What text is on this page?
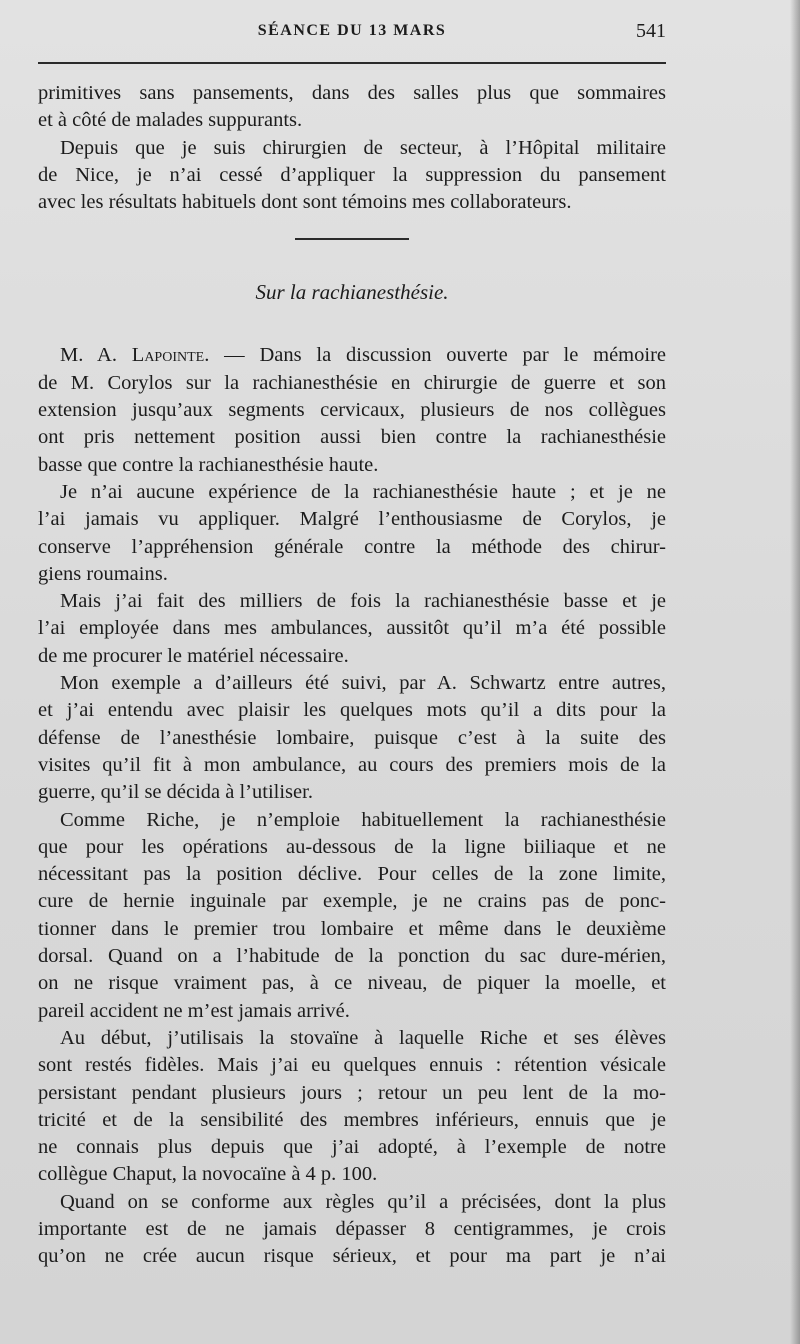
SÉANCE DU 13 MARS	541
primitives sans pansements, dans des salles plus que sommaires
et à côté de malades suppurants.
Depuis que je suis chirurgien de secteur, à l’Hôpital militaire
de Nice, je n’ai cessé d’appliquer la suppression du pansement
avec les résultats habituels dont sont témoins mes collaborateurs.
Sur la rachianesthésie.
M. A. Lapointe. — Dans la discussion ouverte par le mémoire
de M. Corylos sur la rachianesthésie en chirurgie de guerre et son
extension jusqu’aux segments cervicaux, plusieurs de nos collègues
ont pris nettement position aussi bien contre la rachianesthésie
basse que contre la rachianesthésie haute.
Je n’ai aucune expérience de la rachianesthésie haute ; et je ne
l’ai jamais vu appliquer. Malgré l’enthousiasme de Corylos, je
conserve l’appréhension générale contre la méthode des chirur-
giens roumains.
Mais j’ai fait des milliers de fois la rachianesthésie basse et je
l’ai employée dans mes ambulances, aussitôt qu’il m’a été possible
de me procurer le matériel nécessaire.
Mon exemple a d’ailleurs été suivi, par A. Schwartz entre autres,
et j’ai entendu avec plaisir les quelques mots qu’il a dits pour la
défense de l’anesthésie lombaire, puisque c’est à la suite des
visites qu’il fit à mon ambulance, au cours des premiers mois de la
guerre, qu’il se décida à l’utiliser.
Comme Riche, je n’emploie habituellement la rachianesthésie
que pour les opérations au-dessous de la ligne biiliaque et ne
nécessitant pas la position déclive. Pour celles de la zone limite,
cure de hernie inguinale par exemple, je ne crains pas de ponc-
tionner dans le premier trou lombaire et même dans le deuxième
dorsal. Quand on a l’habitude de la ponction du sac dure-mérien,
on ne risque vraiment pas, à ce niveau, de piquer la moelle, et
pareil accident ne m’est jamais arrivé.
Au début, j’utilisais la stovaïne à laquelle Riche et ses élèves
sont restés fidèles. Mais j’ai eu quelques ennuis : rétention vésicale
persistant pendant plusieurs jours ; retour un peu lent de la mo-
tricité et de la sensibilité des membres inférieurs, ennuis que je
ne connais plus depuis que j’ai adopté, à l’exemple de notre
collègue Chaput, la novocaïne à 4 p. 100.
Quand on se conforme aux règles qu’il a précisées, dont la plus
importante est de ne jamais dépasser 8 centigrammes, je crois
qu’on ne crée aucun risque sérieux, et pour ma part je n’ai
